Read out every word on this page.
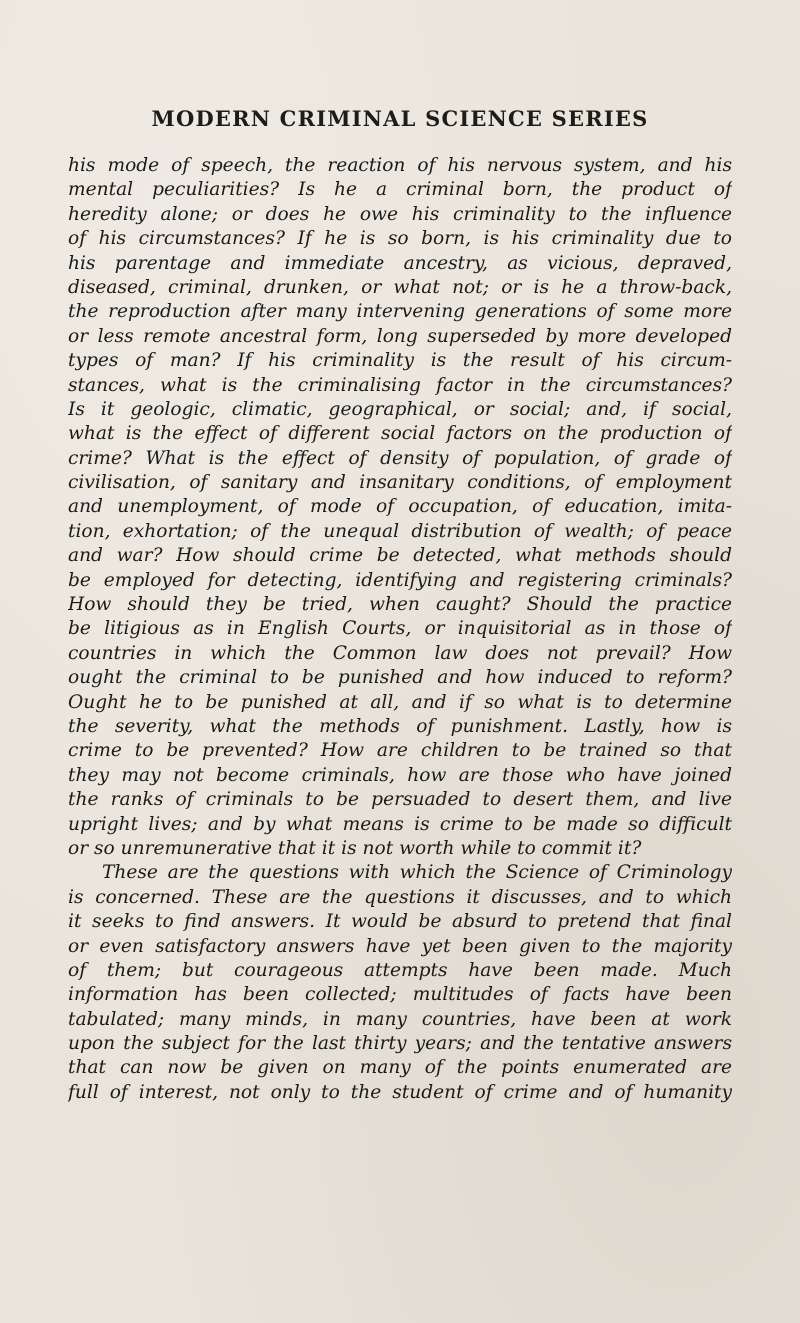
MODERN CRIMINAL SCIENCE SERIES
his mode of speech, the reaction of his nervous system, and his
mental peculiarities? Is he a criminal born, the product of
heredity alone; or does he owe his criminality to the influence
of his circumstances? If he is so born, is his criminality due to
his parentage and immediate ancestry, as vicious, depraved,
diseased, criminal, drunken, or what not; or is he a throw-back,
the reproduction after many intervening generations of some more
or less remote ancestral form, long superseded by more developed
types of man? If his criminality is the result of his circum-
stances, what is the criminalising factor in the circumstances?
Is it geologic, climatic, geographical, or social; and, if social,
what is the effect of different social factors on the production of
crime? What is the effect of density of population, of grade of
civilisation, of sanitary and insanitary conditions, of employment
and unemployment, of mode of occupation, of education, imita-
tion, exhortation; of the unequal distribution of wealth; of peace
and war? How should crime be detected, what methods should
be employed for detecting, identifying and registering criminals?
How should they be tried, when caught? Should the practice
be litigious as in English Courts, or inquisitorial as in those of
countries in which the Common law does not prevail? How
ought the criminal to be punished and how induced to reform?
Ought he to be punished at all, and if so what is to determine
the severity, what the methods of punishment. Lastly, how is
crime to be prevented? How are children to be trained so that
they may not become criminals, how are those who have joined
the ranks of criminals to be persuaded to desert them, and live
upright lives; and by what means is crime to be made so difficult
or so unremunerative that it is not worth while to commit it?
These are the questions with which the Science of Criminology
is concerned. These are the questions it discusses, and to which
it seeks to find answers. It would be absurd to pretend that final
or even satisfactory answers have yet been given to the majority
of them; but courageous attempts have been made. Much
information has been collected; multitudes of facts have been
tabulated; many minds, in many countries, have been at work
upon the subject for the last thirty years; and the tentative answers
that can now be given on many of the points enumerated are
full of interest, not only to the student of crime and of humanity
